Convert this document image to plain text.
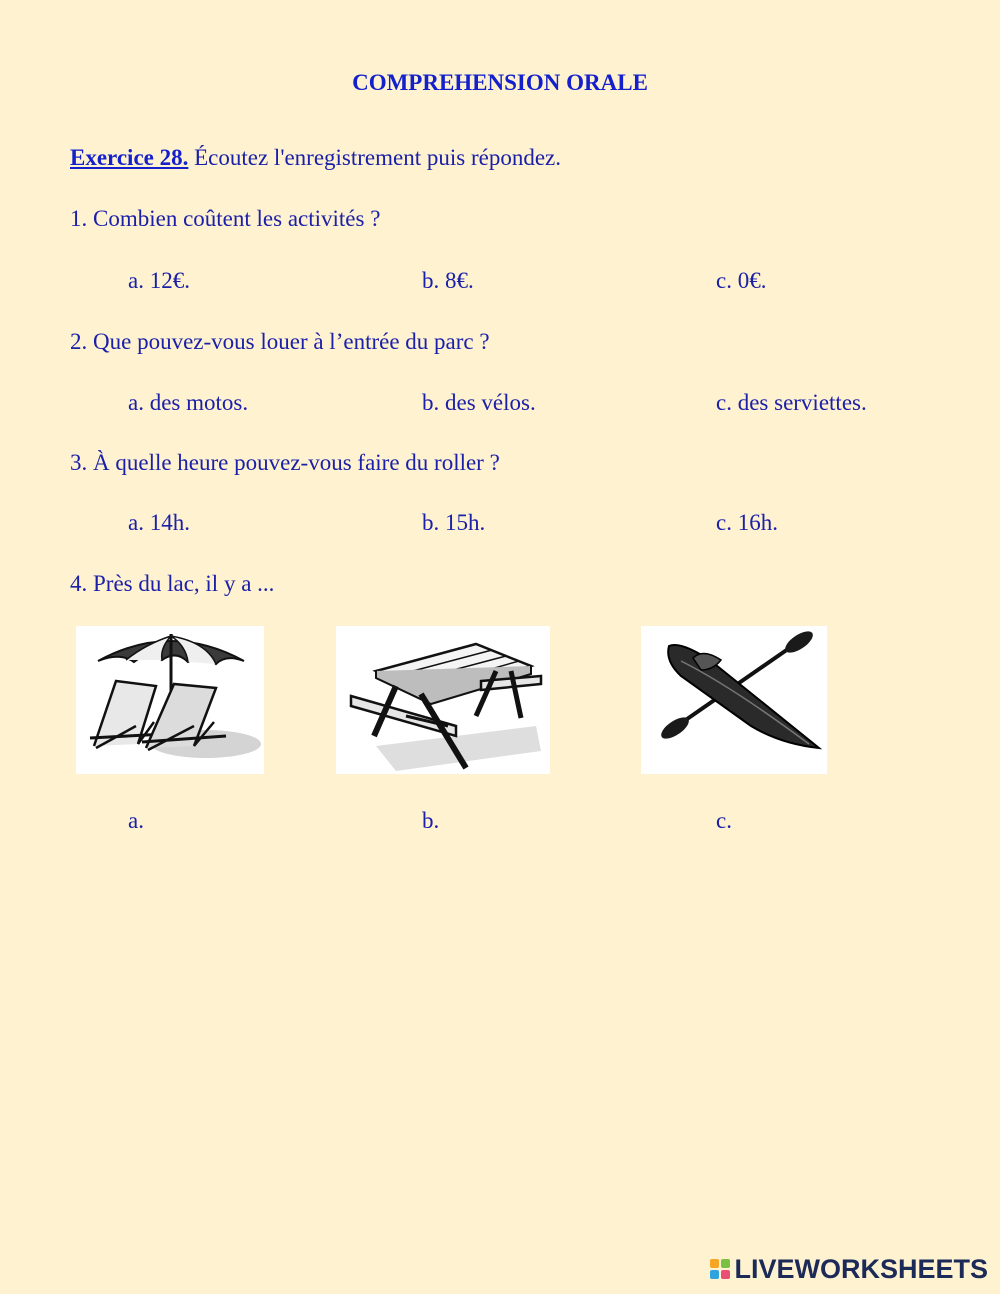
COMPREHENSION ORALE
Exercice 28. Écoutez l'enregistrement puis répondez.
1. Combien coûtent les activités ?
a. 12€.	b. 8€.	c. 0€.
2. Que pouvez-vous louer à l’entrée du parc ?
a. des motos.	b. des vélos.	c. des serviettes.
3. À quelle heure pouvez-vous faire du roller ?
a. 14h.	b. 15h.	c. 16h.
4. Près du lac, il y a ...
a.	b.	c.
LIVEWORKSHEETS
